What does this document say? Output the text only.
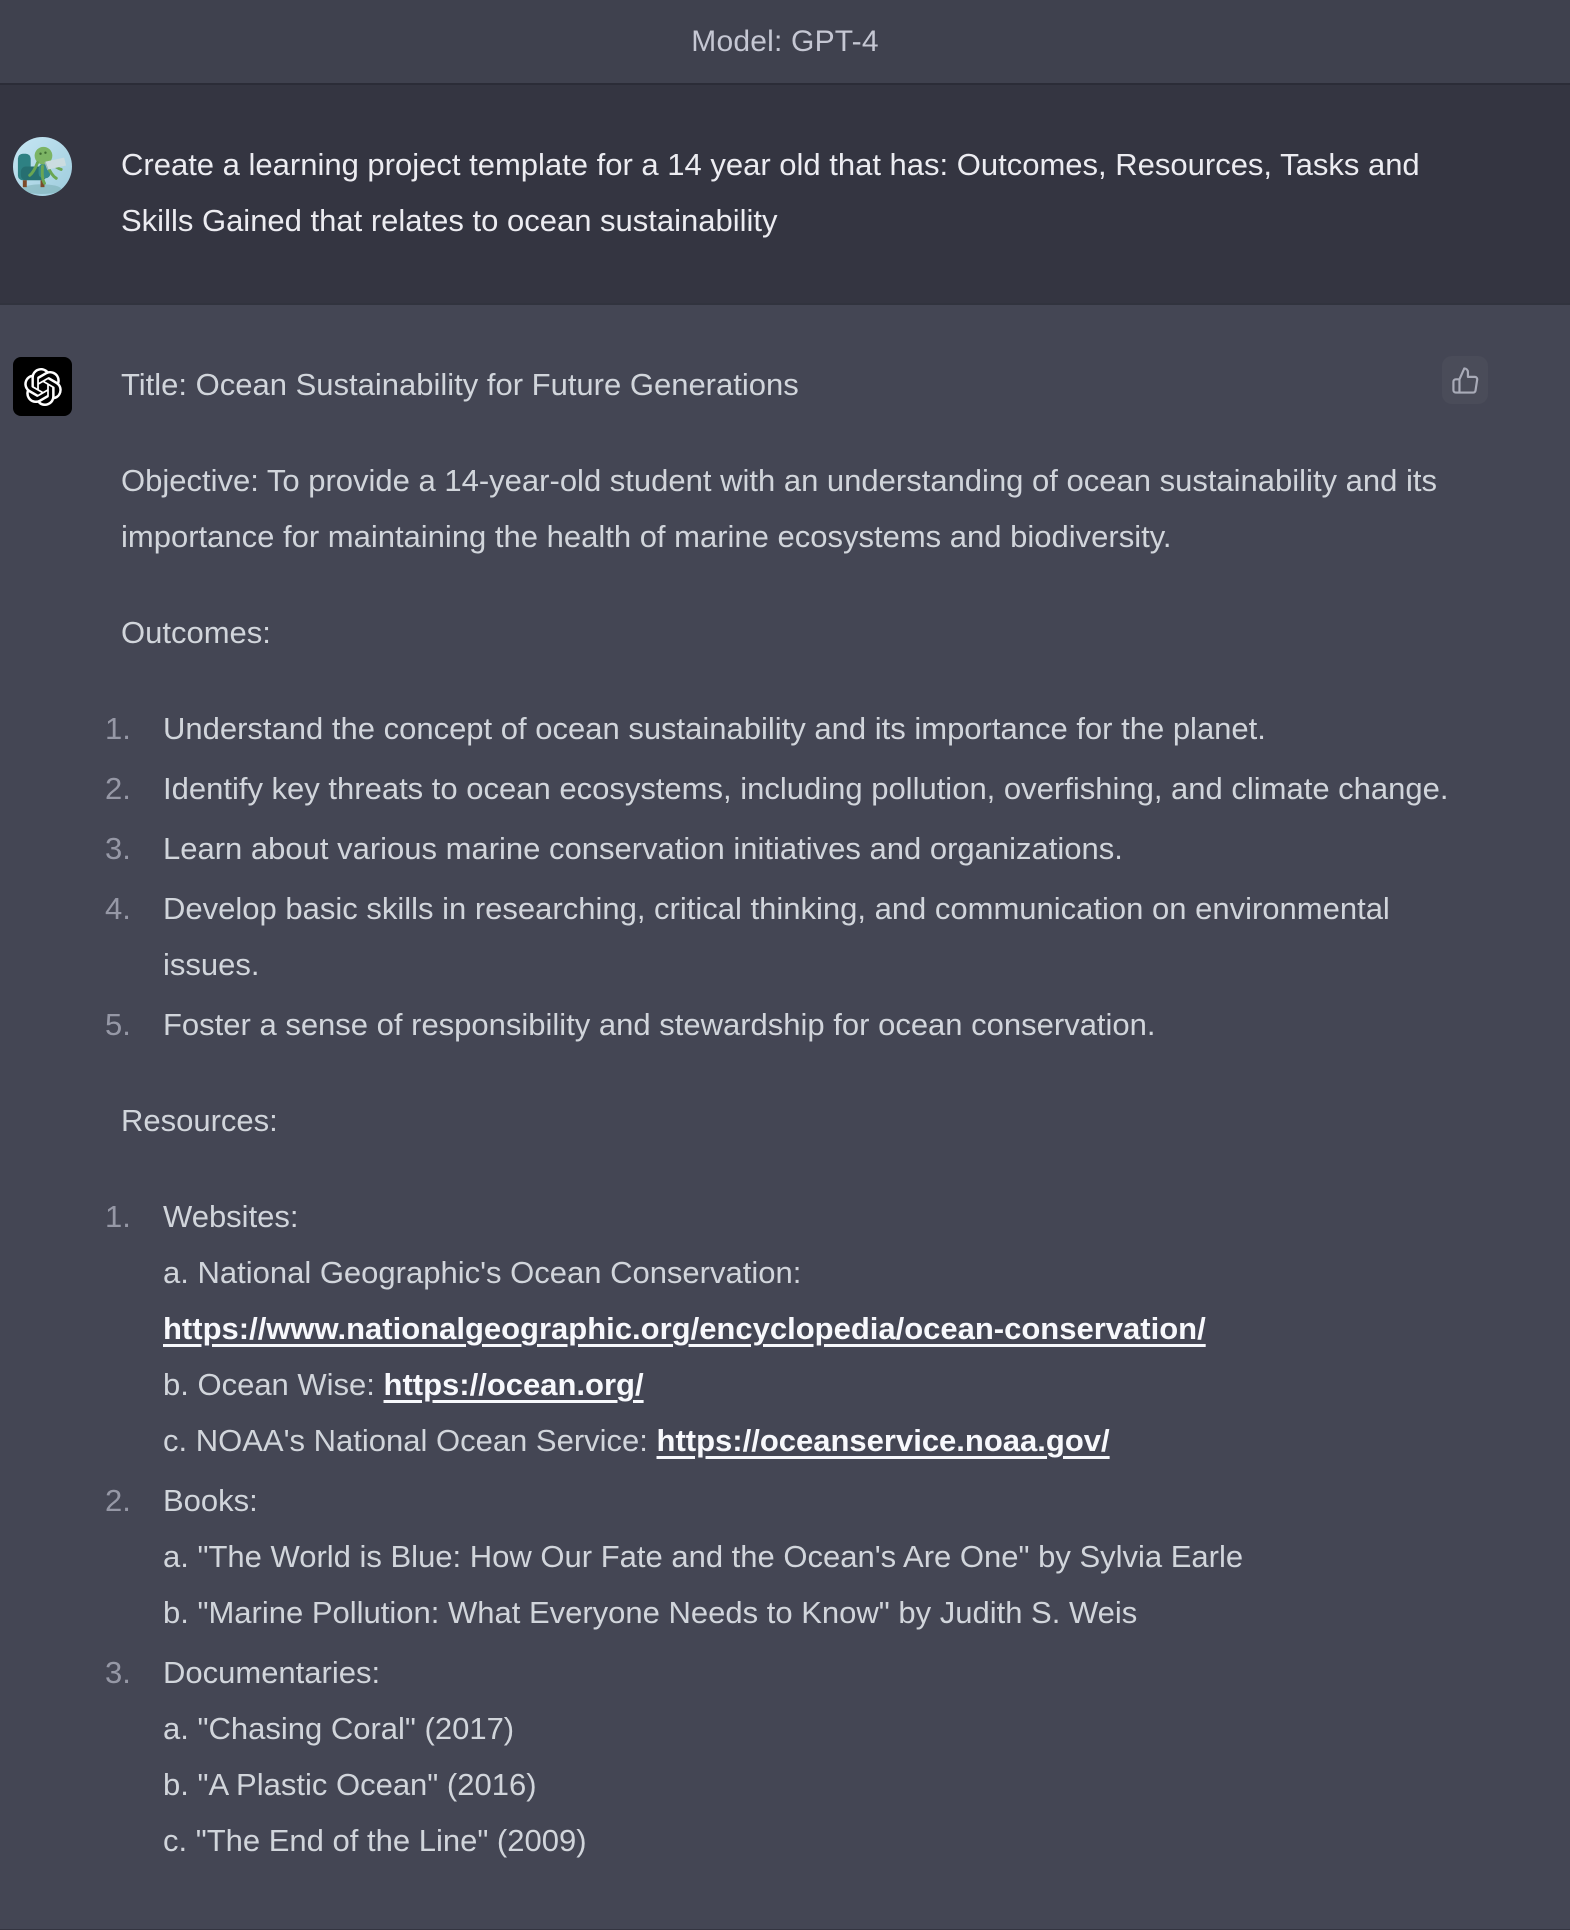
Model: GPT-4
Create a learning project template for a 14 year old that has: Outcomes, Resources, Tasks and Skills Gained that relates to ocean sustainability

Title: Ocean Sustainability for Future Generations

Objective: To provide a 14-year-old student with an understanding of ocean sustainability and its importance for maintaining the health of marine ecosystems and biodiversity.

Outcomes:

1.	Understand the concept of ocean sustainability and its importance for the planet.
2.	Identify key threats to ocean ecosystems, including pollution, overfishing, and climate change.
3.	Learn about various marine conservation initiatives and organizations.
4.	Develop basic skills in researching, critical thinking, and communication on environmental issues.
5.	Foster a sense of responsibility and stewardship for ocean conservation.

Resources:

1.	Websites:
a. National Geographic's Ocean Conservation: https://www.nationalgeographic.org/encyclopedia/ocean-conservation/
b. Ocean Wise: https://ocean.org/
c. NOAA's National Ocean Service: https://oceanservice.noaa.gov/
2.	Books:
a. "The World is Blue: How Our Fate and the Ocean's Are One" by Sylvia Earle
b. "Marine Pollution: What Everyone Needs to Know" by Judith S. Weis
3.	Documentaries:
a. "Chasing Coral" (2017)
b. "A Plastic Ocean" (2016)
c. "The End of the Line" (2009)
